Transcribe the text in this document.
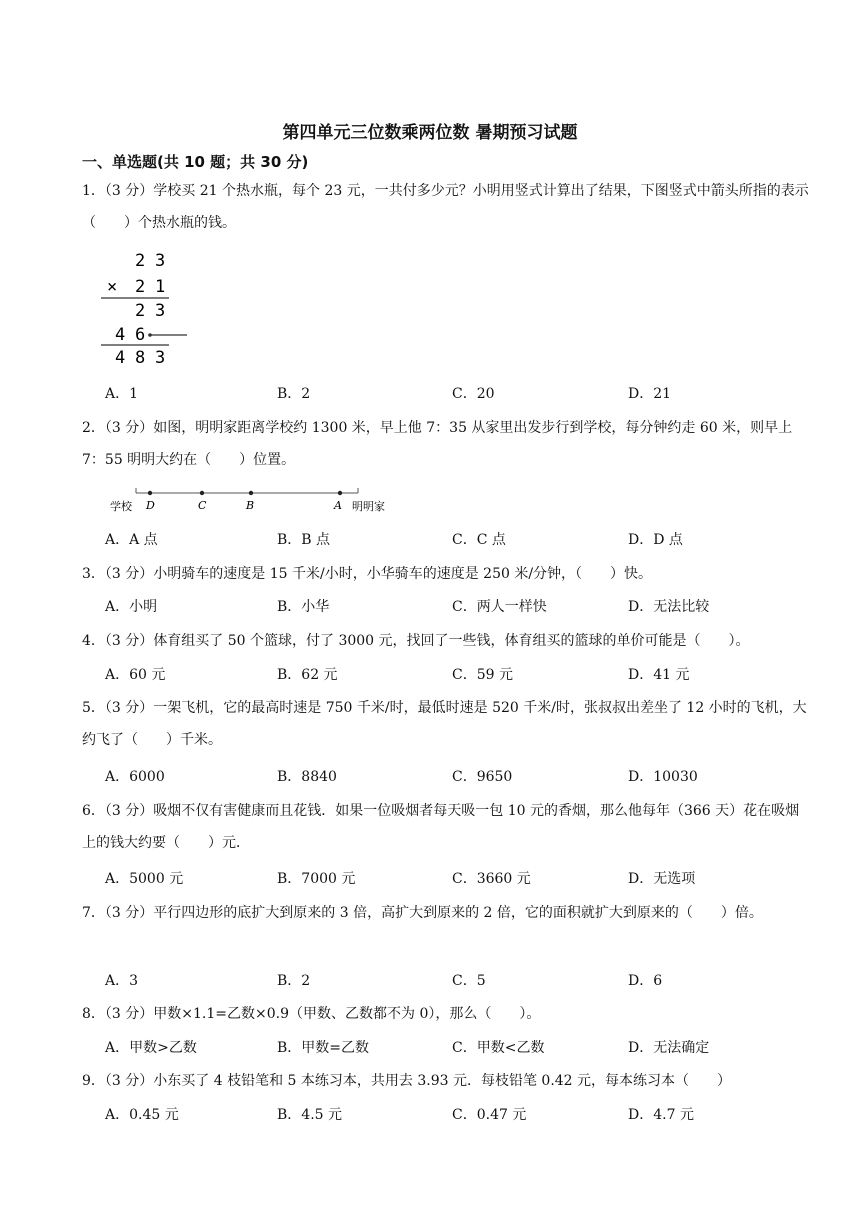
第四单元三位数乘两位数 暑期预习试题
一、单选题(共 10 题；共 30 分)
1．（3 分）学校买 21 个热水瓶，每个 23 元，一共付多少元？小明用竖式计算出了结果，下图竖式中箭头所指的表示（　　）个热水瓶的钱。
2 3
× 2 1
2 3
4 6
4 8 3
A．1	B．2	C．20	D．21
2．（3 分）如图，明明家距离学校约 1300 米，早上他 7：35 从家里出发步行到学校，每分钟约走 60 米，则早上 7：55 明明大约在（　　）位置。
学校 D	C	B	A 明明家
A．A 点	B．B 点	C．C 点	D．D 点
3．（3 分）小明骑车的速度是 15 千米/小时，小华骑车的速度是 250 米/分钟，（　　）快。
A．小明	B．小华	C．两人一样快	D．无法比较
4．（3 分）体育组买了 50 个篮球，付了 3000 元，找回了一些钱，体育组买的篮球的单价可能是（　　）。
A．60 元	B．62 元	C．59 元	D．41 元
5．（3 分）一架飞机，它的最高时速是 750 千米/时，最低时速是 520 千米/时，张叔叔出差坐了 12 小时的飞机，大约飞了（　　）千米。
A．6000	B．8840	C．9650	D．10030
6．（3 分）吸烟不仅有害健康而且花钱．如果一位吸烟者每天吸一包 10 元的香烟，那么他每年（366 天）花在吸烟上的钱大约要（　　）元．
A．5000 元	B．7000 元	C．3660 元	D．无选项
7．（3 分）平行四边形的底扩大到原来的 3 倍，高扩大到原来的 2 倍，它的面积就扩大到原来的（　　）倍。
A．3	B．2	C．5	D．6
8．（3 分）甲数×1.1=乙数×0.9（甲数、乙数都不为 0），那么（　　）。
A．甲数>乙数	B．甲数=乙数	C．甲数<乙数	D．无法确定
9．（3 分）小东买了 4 枝铅笔和 5 本练习本，共用去 3.93 元．每枝铅笔 0.42 元，每本练习本（　　）
A．0.45 元	B．4.5 元	C．0.47 元	D．4.7 元
